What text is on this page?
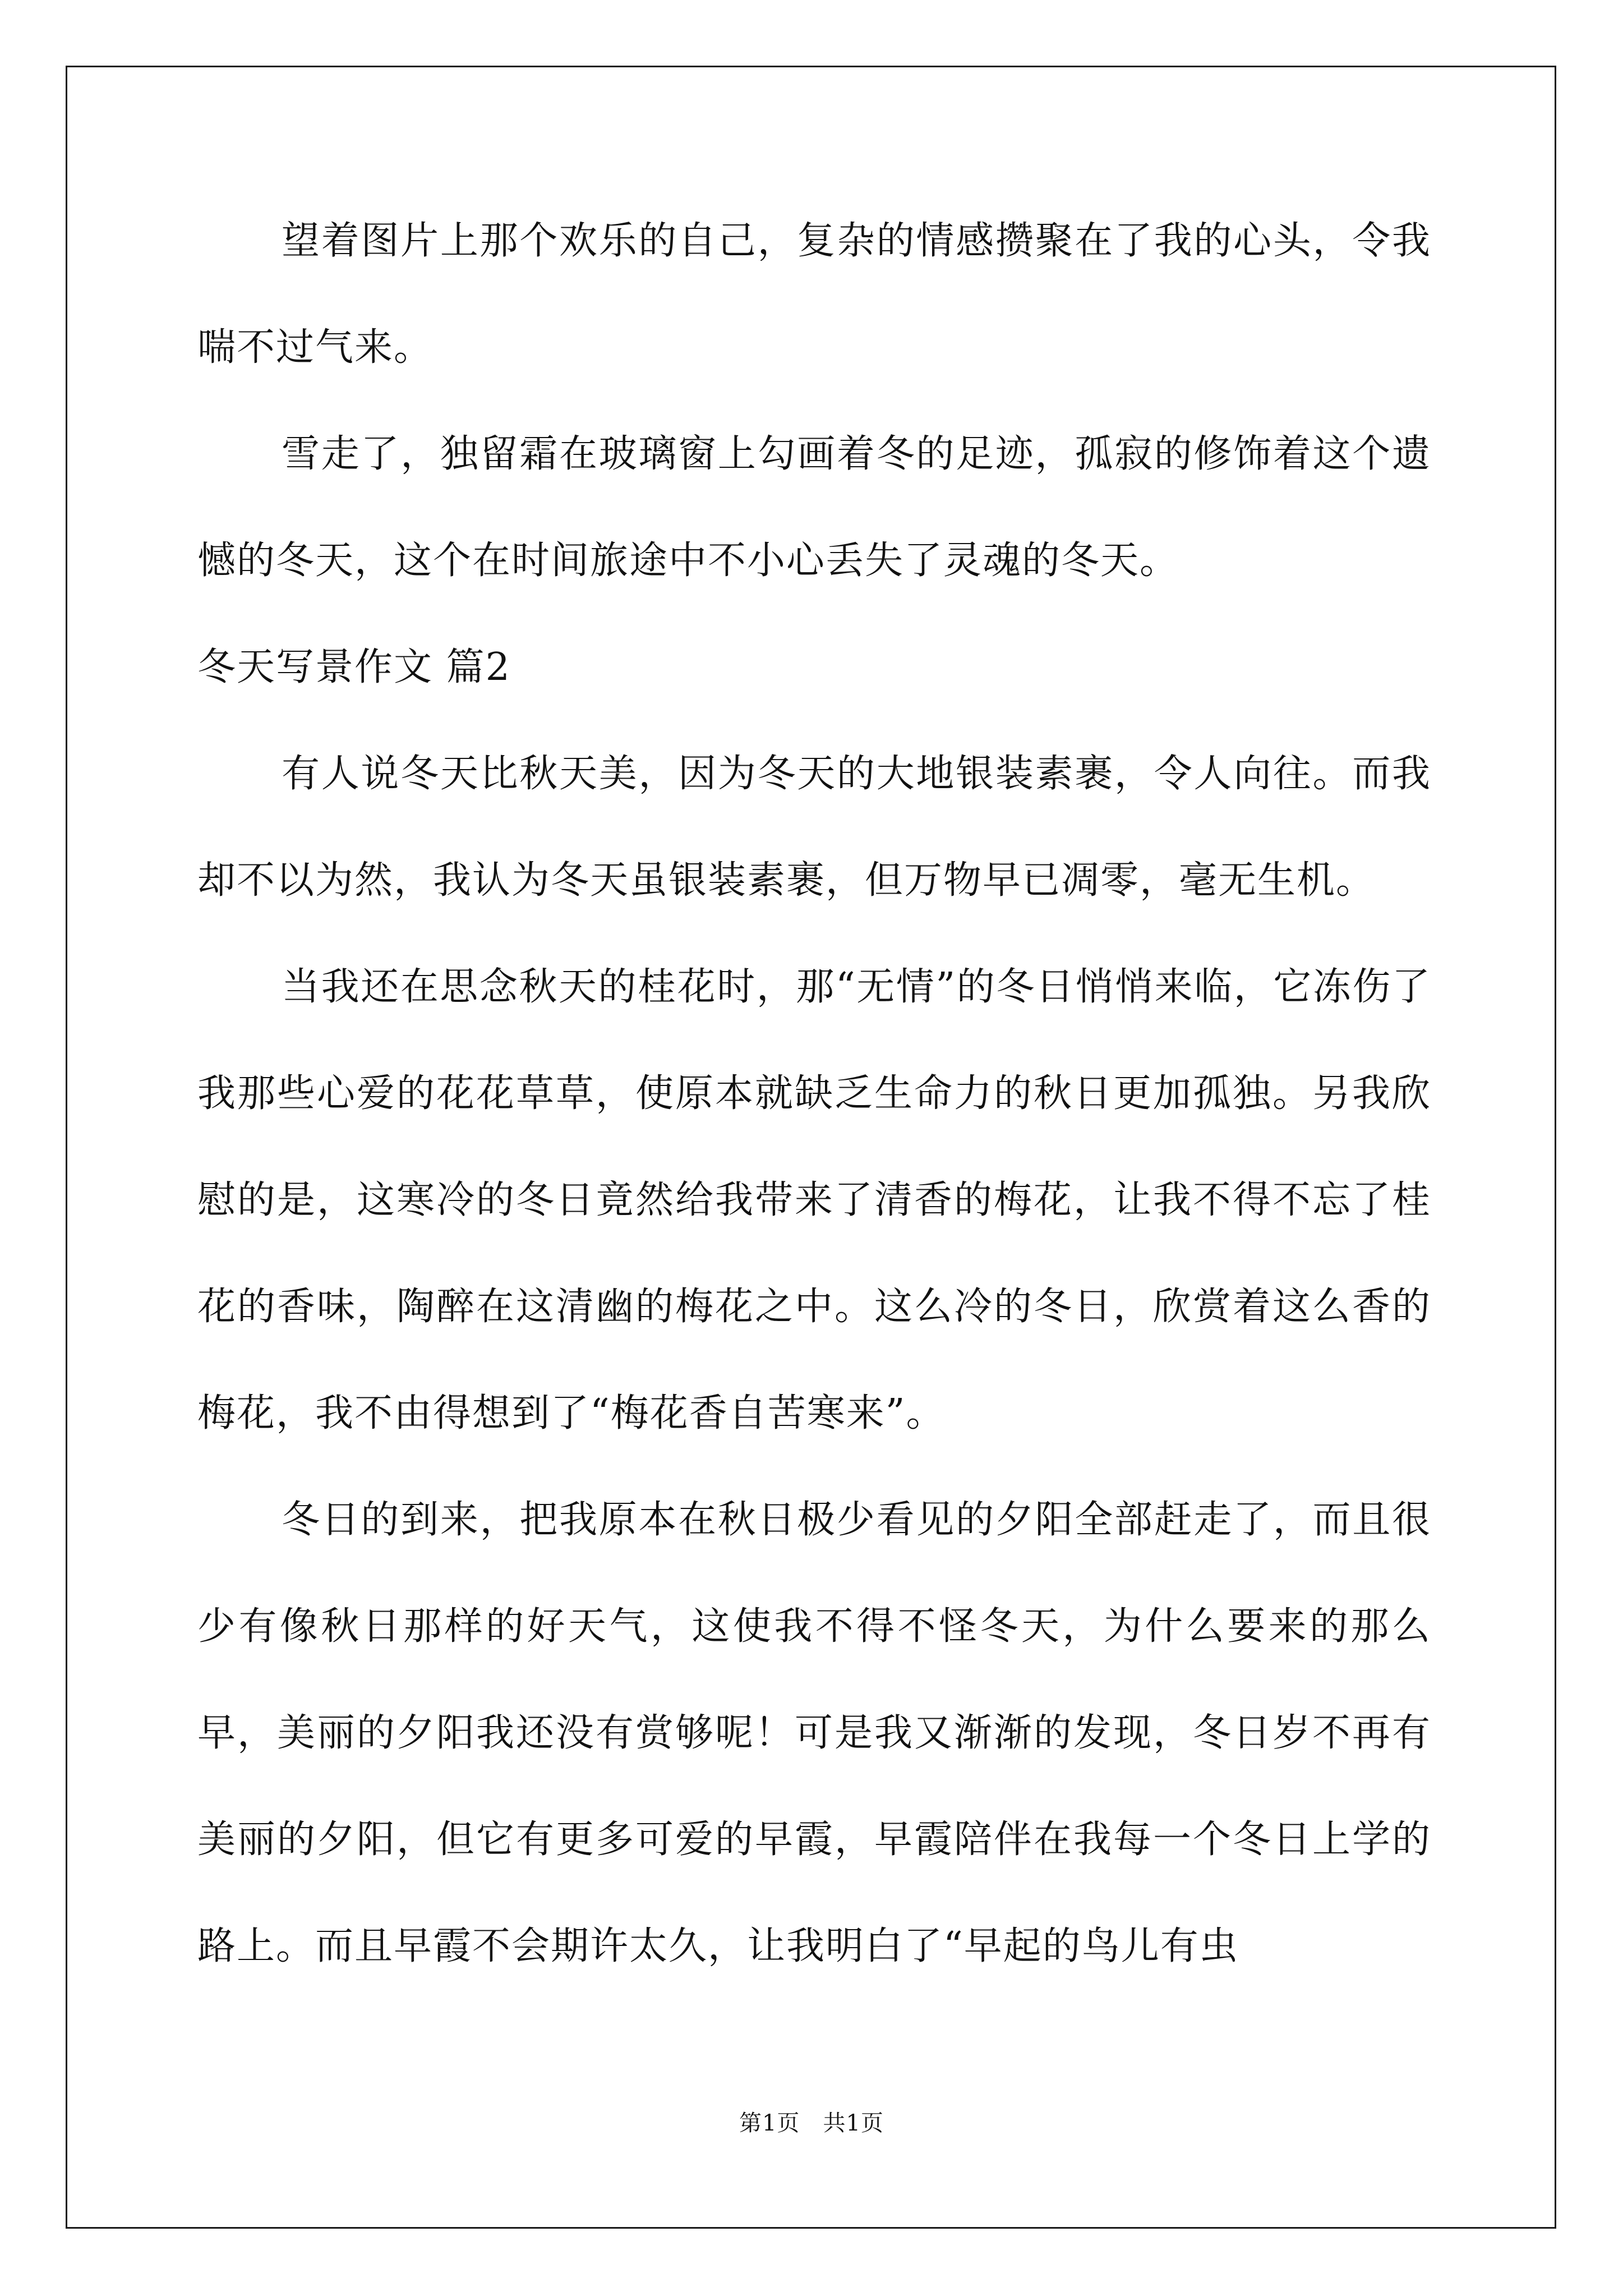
望着图片上那个欢乐的自己，复杂的情感攒聚在了我的心头，令我喘不过气来。

雪走了，独留霜在玻璃窗上勾画着冬的足迹，孤寂的修饰着这个遗憾的冬天，这个在时间旅途中不小心丢失了灵魂的冬天。

冬天写景作文 篇2

有人说冬天比秋天美，因为冬天的大地银装素裹，令人向往。而我却不以为然，我认为冬天虽银装素裹，但万物早已凋零，毫无生机。

当我还在思念秋天的桂花时，那“无情”的冬日悄悄来临，它冻伤了我那些心爱的花花草草，使原本就缺乏生命力的秋日更加孤独。另我欣慰的是，这寒冷的冬日竟然给我带来了清香的梅花，让我不得不忘了桂花的香味，陶醉在这清幽的梅花之中。这么冷的冬日，欣赏着这么香的梅花，我不由得想到了“梅花香自苦寒来”。

冬日的到来，把我原本在秋日极少看见的夕阳全部赶走了，而且很少有像秋日那样的好天气，这使我不得不怪冬天，为什么要来的那么早，美丽的夕阳我还没有赏够呢！可是我又渐渐的发现，冬日岁不再有美丽的夕阳，但它有更多可爱的早霞，早霞陪伴在我每一个冬日上学的路上。而且早霞不会期许太久，让我明白了“早起的鸟儿有虫

第1页   共1页
